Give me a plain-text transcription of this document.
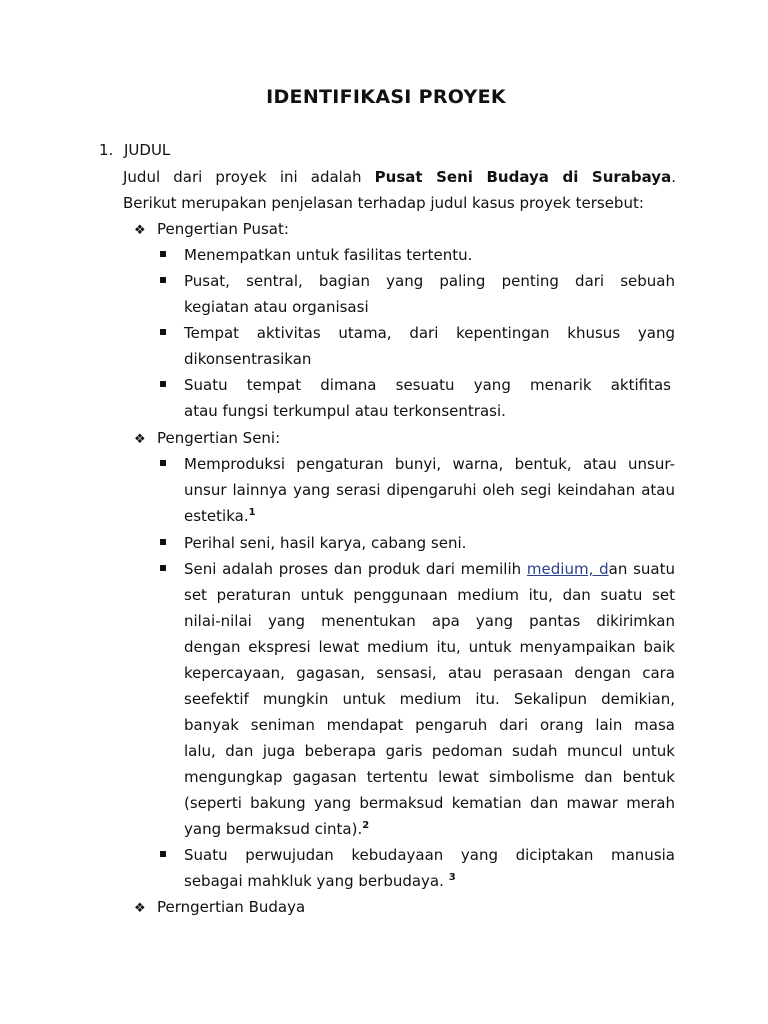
IDENTIFIKASI PROYEK
1. JUDUL
Judul dari proyek ini adalah Pusat Seni Budaya di Surabaya.
Berikut merupakan penjelasan terhadap judul kasus proyek tersebut:
❖ Pengertian Pusat:
Menempatkan untuk fasilitas tertentu.
Pusat, sentral, bagian yang paling penting dari sebuah
kegiatan atau organisasi
Tempat aktivitas utama, dari kepentingan khusus yang
dikonsentrasikan
Suatu tempat dimana sesuatu yang menarik aktifitas
atau fungsi terkumpul atau terkonsentrasi.
❖ Pengertian Seni:
Memproduksi pengaturan bunyi, warna, bentuk, atau unsur-
unsur lainnya yang serasi dipengaruhi oleh segi keindahan atau
estetika.$^1$
Perihal seni, hasil karya, cabang seni.
Seni adalah proses dan produk dari memilih medium, dan suatu
set peraturan untuk penggunaan medium itu, dan suatu set
nilai-nilai yang menentukan apa yang pantas dikirimkan
dengan ekspresi lewat medium itu, untuk menyampaikan baik
kepercayaan, gagasan, sensasi, atau perasaan dengan cara
seefektif mungkin untuk medium itu. Sekalipun demikian,
banyak seniman mendapat pengaruh dari orang lain masa
lalu, dan juga beberapa garis pedoman sudah muncul untuk
mengungkap gagasan tertentu lewat simbolisme dan bentuk
(seperti bakung yang bermaksud kematian dan mawar merah
yang bermaksud cinta).$^2$
Suatu perwujudan kebudayaan yang diciptakan manusia
sebagai mahkluk yang berbudaya. $^3$
❖ Perngertian Budaya
